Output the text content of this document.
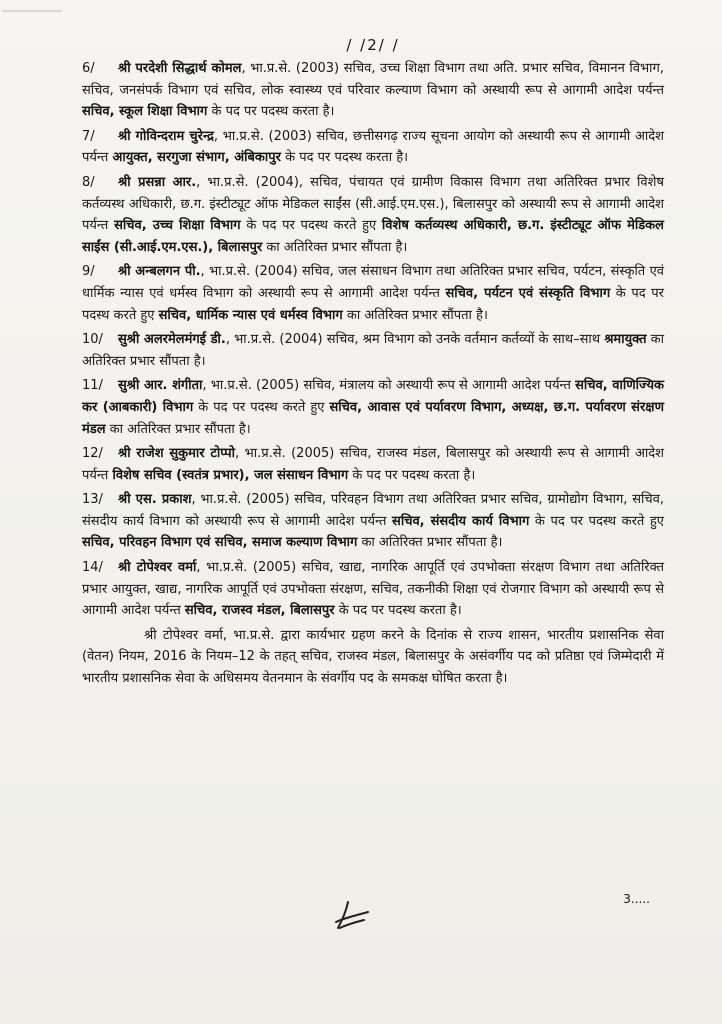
/ /2/ /

6/ श्री परदेशी सिद्धार्थ कोमल, भा.प्र.से. (2003) सचिव, उच्च शिक्षा विभाग तथा अति. प्रभार सचिव, विमानन विभाग, सचिव, जनसंपर्क विभाग एवं सचिव, लोक स्वास्थ्य एवं परिवार कल्याण विभाग को अस्थायी रूप से आगामी आदेश पर्यन्त सचिव, स्कूल शिक्षा विभाग के पद पर पदस्थ करता है।

7/ श्री गोविन्दराम चुरेन्द्र, भा.प्र.से. (2003) सचिव, छत्तीसगढ़ राज्य सूचना आयोग को अस्थायी रूप से आगामी आदेश पर्यन्त आयुक्त, सरगुजा संभाग, अंबिकापुर के पद पर पदस्थ करता है।

8/ श्री प्रसन्ना आर., भा.प्र.से. (2004), सचिव, पंचायत एवं ग्रामीण विकास विभाग तथा अतिरिक्त प्रभार विशेष कर्तव्यस्थ अधिकारी, छ.ग. इंस्टीट्यूट ऑफ मेडिकल साईंस (सी.आई.एम.एस.), बिलासपुर को अस्थायी रूप से आगामी आदेश पर्यन्त सचिव, उच्च शिक्षा विभाग के पद पर पदस्थ करते हुए विशेष कर्तव्यस्थ अधिकारी, छ.ग. इंस्टीट्यूट ऑफ मेडिकल साईंस (सी.आई.एम.एस.), बिलासपुर का अतिरिक्त प्रभार सौंपता है।

9/ श्री अन्बलगन पी., भा.प्र.से. (2004) सचिव, जल संसाधन विभाग तथा अतिरिक्त प्रभार सचिव, पर्यटन, संस्कृति एवं धार्मिक न्यास एवं धर्मस्व विभाग को अस्थायी रूप से आगामी आदेश पर्यन्त सचिव, पर्यटन एवं संस्कृति विभाग के पद पर पदस्थ करते हुए सचिव, धार्मिक न्यास एवं धर्मस्व विभाग का अतिरिक्त प्रभार सौंपता है।

10/ सुश्री अलरमेलमंगई डी., भा.प्र.से. (2004) सचिव, श्रम विभाग को उनके वर्तमान कर्तव्यों के साथ–साथ श्रमायुक्त का अतिरिक्त प्रभार सौंपता है।

11/ सुश्री आर. शंगीता, भा.प्र.से. (2005) सचिव, मंत्रालय को अस्थायी रूप से आगामी आदेश पर्यन्त सचिव, वाणिज्यिक कर (आबकारी) विभाग के पद पर पदस्थ करते हुए सचिव, आवास एवं पर्यावरण विभाग, अध्यक्ष, छ.ग. पर्यावरण संरक्षण मंडल का अतिरिक्त प्रभार सौंपता है।

12/ श्री राजेश सुकुमार टोप्पो, भा.प्र.से. (2005) सचिव, राजस्व मंडल, बिलासपुर को अस्थायी रूप से आगामी आदेश पर्यन्त विशेष सचिव (स्वतंत्र प्रभार), जल संसाधन विभाग के पद पर पदस्थ करता है।

13/ श्री एस. प्रकाश, भा.प्र.से. (2005) सचिव, परिवहन विभाग तथा अतिरिक्त प्रभार सचिव, ग्रामोद्योग विभाग, सचिव, संसदीय कार्य विभाग को अस्थायी रूप से आगामी आदेश पर्यन्त सचिव, संसदीय कार्य विभाग के पद पर पदस्थ करते हुए सचिव, परिवहन विभाग एवं सचिव, समाज कल्याण विभाग का अतिरिक्त प्रभार सौंपता है।

14/ श्री टोपेश्वर वर्मा, भा.प्र.से. (2005) सचिव, खाद्य, नागरिक आपूर्ति एवं उपभोक्ता संरक्षण विभाग तथा अतिरिक्त प्रभार आयुक्त, खाद्य, नागरिक आपूर्ति एवं उपभोक्ता संरक्षण, सचिव, तकनीकी शिक्षा एवं रोजगार विभाग को अस्थायी रूप से आगामी आदेश पर्यन्त सचिव, राजस्व मंडल, बिलासपुर के पद पर पदस्थ करता है।

श्री टोपेश्वर वर्मा, भा.प्र.से. द्वारा कार्यभार ग्रहण करने के दिनांक से राज्य शासन, भारतीय प्रशासनिक सेवा (वेतन) नियम, 2016 के नियम–12 के तहत् सचिव, राजस्व मंडल, बिलासपुर के असंवर्गीय पद को प्रतिष्ठा एवं जिम्मेदारी में भारतीय प्रशासनिक सेवा के अधिसमय वेतनमान के संवर्गीय पद के समकक्ष घोषित करता है।

3.....
